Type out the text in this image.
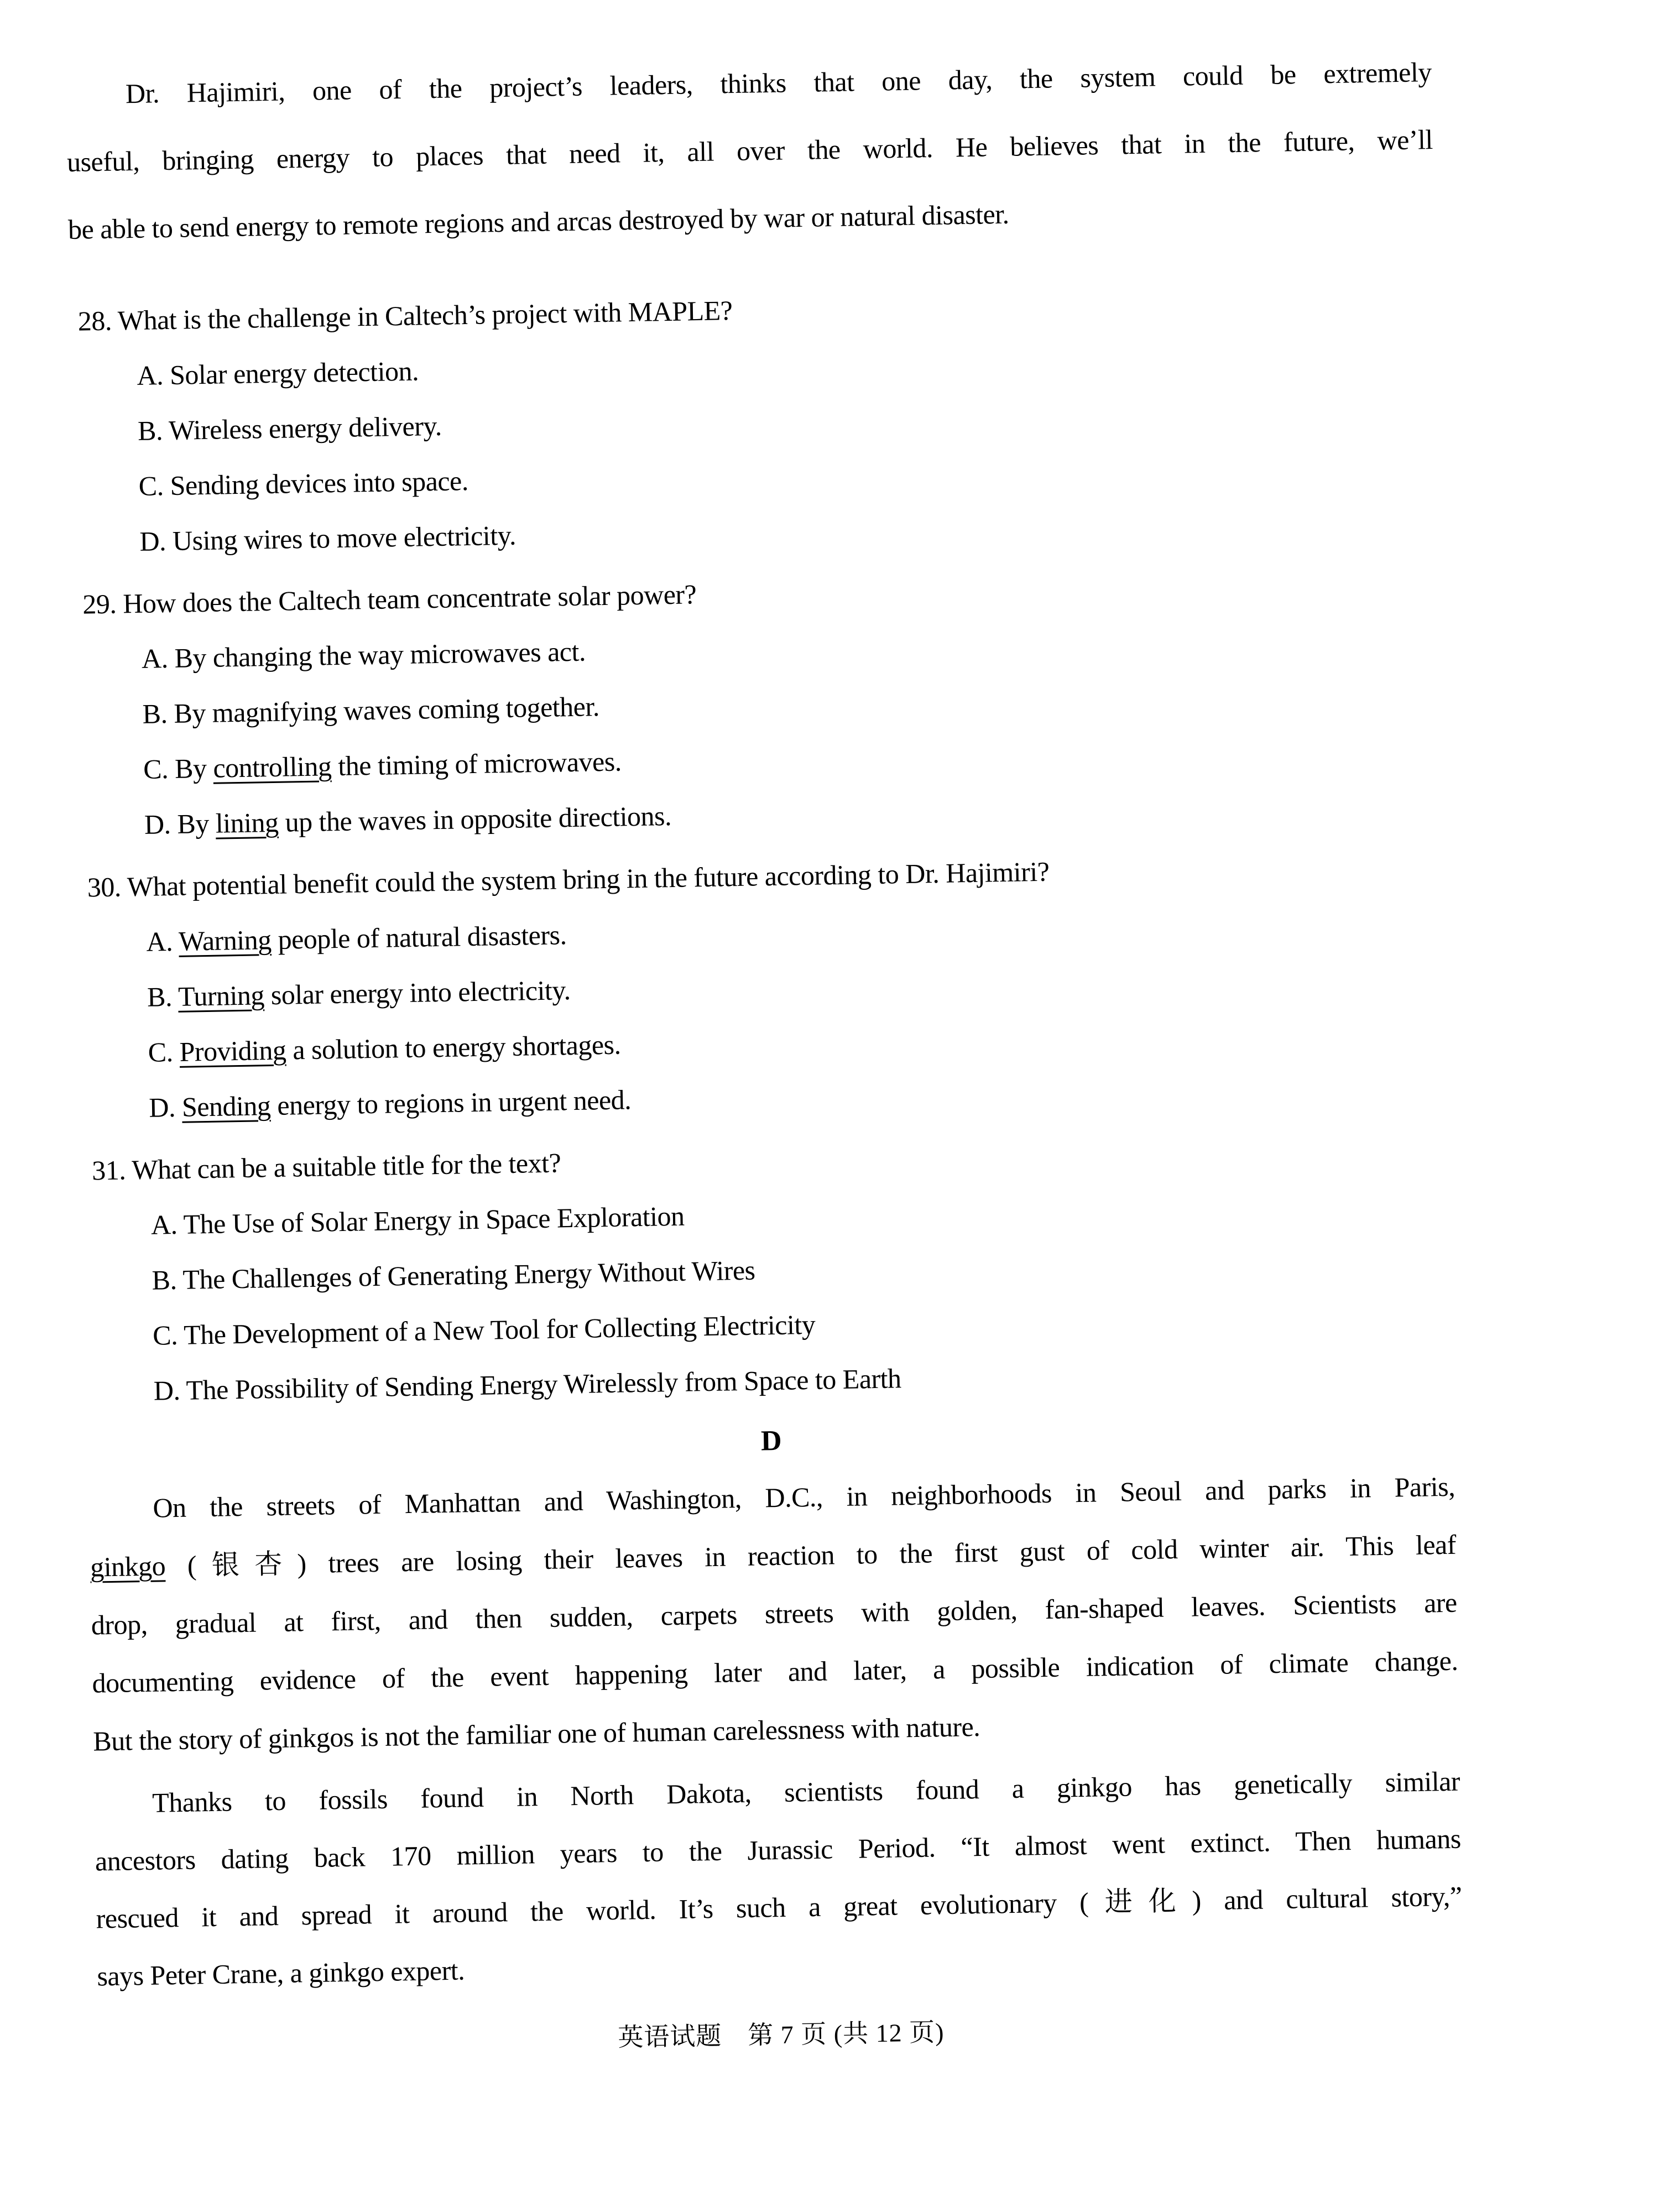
Dr. Hajimiri, one of the project’s leaders, thinks that one day, the system could be extremely
useful, bringing energy to places that need it, all over the world. He believes that in the future, we’ll
be able to send energy to remote regions and arcas destroyed by war or natural disaster.
28. What is the challenge in Caltech’s project with MAPLE?
A. Solar energy detection.
B. Wireless energy delivery.
C. Sending devices into space.
D. Using wires to move electricity.
29. How does the Caltech team concentrate solar power?
A. By changing the way microwaves act.
B. By magnifying waves coming together.
C. By controlling the timing of microwaves.
D. By lining up the waves in opposite directions.
30. What potential benefit could the system bring in the future according to Dr. Hajimiri?
A. Warning people of natural disasters.
B. Turning solar energy into electricity.
C. Providing a solution to energy shortages.
D. Sending energy to regions in urgent need.
31. What can be a suitable title for the text?
A. The Use of Solar Energy in Space Exploration
B. The Challenges of Generating Energy Without Wires
C. The Development of a New Tool for Collecting Electricity
D. The Possibility of Sending Energy Wirelessly from Space to Earth
D
On the streets of Manhattan and Washington, D.C., in neighborhoods in Seoul and parks in Paris,
ginkgo (银杏) trees are losing their leaves in reaction to the first gust of cold winter air. This leaf
drop, gradual at first, and then sudden, carpets streets with golden, fan-shaped leaves. Scientists are
documenting evidence of the event happening later and later, a possible indication of climate change.
But the story of ginkgos is not the familiar one of human carelessness with nature.
Thanks to fossils found in North Dakota, scientists found a ginkgo has genetically similar
ancestors dating back 170 million years to the Jurassic Period. “It almost went extinct. Then humans
rescued it and spread it around the world. It’s such a great evolutionary (进化) and cultural story,”
says Peter Crane, a ginkgo expert.
英语试题　第 7 页 (共 12 页)
